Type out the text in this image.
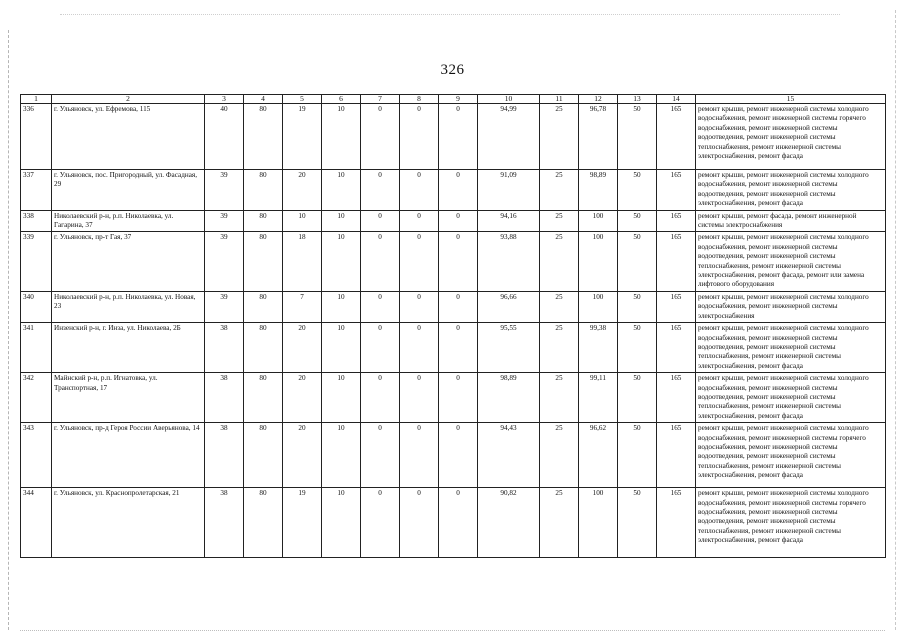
326
1	2	3	4	5	6	7	8	9	10	11	12	13	14	15
336	г. Ульяновск, ул. Ефремова, 115	40	80	19	10	0	0	0	94,99	25	96,78	50	165	ремонт крыши, ремонт инженерной системы холодного водоснабжения, ремонт инженерной системы горячего водоснабжения, ремонт инженерной системы водоотведения, ремонт инженерной системы теплоснабжения, ремонт инженерной системы электроснабжения, ремонт фасада
337	г. Ульяновск, пос. Пригородный, ул. Фасадная, 29	39	80	20	10	0	0	0	91,09	25	98,89	50	165	ремонт крыши, ремонт инженерной системы холодного водоснабжения, ремонт инженерной системы водоотведения, ремонт инженерной системы электроснабжения, ремонт фасада
338	Николаевский р-н, р.п. Николаевка, ул. Гагарина, 37	39	80	10	10	0	0	0	94,16	25	100	50	165	ремонт крыши, ремонт фасада, ремонт инженерной системы электроснабжения
339	г. Ульяновск, пр-т Гая, 37	39	80	18	10	0	0	0	93,88	25	100	50	165	ремонт крыши, ремонт инженерной системы холодного водоснабжения, ремонт инженерной системы водоотведения, ремонт инженерной системы теплоснабжения, ремонт инженерной системы электроснабжения, ремонт фасада, ремонт или замена лифтового оборудования
340	Николаевский р-н, р.п. Николаевка, ул. Новая, 23	39	80	7	10	0	0	0	96,66	25	100	50	165	ремонт крыши, ремонт инженерной системы холодного водоснабжения, ремонт инженерной системы электроснабжения
341	Инзенский р-н, г. Инза, ул. Николаева, 2Б	38	80	20	10	0	0	0	95,55	25	99,38	50	165	ремонт крыши, ремонт инженерной системы холодного водоснабжения, ремонт инженерной системы водоотведения, ремонт инженерной системы теплоснабжения, ремонт инженерной системы электроснабжения, ремонт фасада
342	Майнский р-н, р.п. Игнатовка, ул. Транспортная, 17	38	80	20	10	0	0	0	98,89	25	99,11	50	165	ремонт крыши, ремонт инженерной системы холодного водоснабжения, ремонт инженерной системы водоотведения, ремонт инженерной системы теплоснабжения, ремонт инженерной системы электроснабжения, ремонт фасада
343	г. Ульяновск, пр-д Героя России Аверьянова, 14	38	80	20	10	0	0	0	94,43	25	96,62	50	165	ремонт крыши, ремонт инженерной системы холодного водоснабжения, ремонт инженерной системы горячего водоснабжения, ремонт инженерной системы водоотведения, ремонт инженерной системы теплоснабжения, ремонт инженерной системы электроснабжения, ремонт фасада
344	г. Ульяновск, ул. Краснопролетарская, 21	38	80	19	10	0	0	0	90,82	25	100	50	165	ремонт крыши, ремонт инженерной системы холодного водоснабжения, ремонт инженерной системы горячего водоснабжения, ремонт инженерной системы водоотведения, ремонт инженерной системы теплоснабжения, ремонт инженерной системы электроснабжения, ремонт фасада
